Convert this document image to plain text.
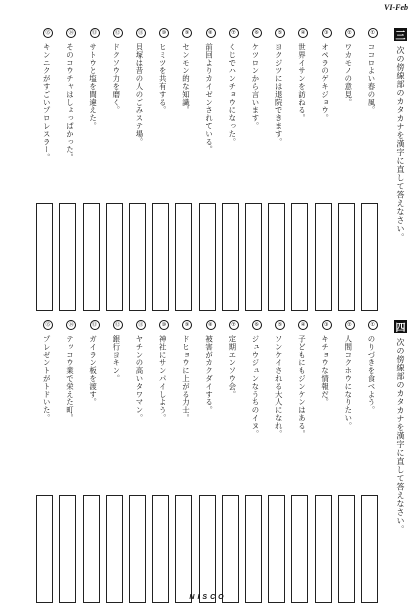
VI-Feb
三
次の傍線部のカタカナを漢字に直して答えなさい。
①ココロよい春の風。
②ワカモノの意見。
③オペラのゲキジョウ。
④世界イサンを訪ねる。
⑤ヨクジツには退院できます。
⑥ケツロンから言います。
⑦くじでハンチョウになった。
⑧前回よりカイゼンされている。
⑨センモン的な知識。
⑩ヒミツを共有する。
⑪貝塚は昔の人のごみステ場。
⑫ドクソウ力を磨く。
⑬サトウと塩を間違えた。
⑭そのコウチャはしょっぱかった。
⑮キンニクがすごいプロレスラー。
四
次の傍線部のカタカナを漢字に直して答えなさい。
①のりづきを食べよう。
②人間コクホウになりたい。
③キチョウな情報だ。
④子どもにもジンケンはある。
⑤ソンケイされる大人になれ。
⑥ジュウジュンなうちのイヌ。
⑦定期エンソウ会。
⑧被害がカクダイする。
⑨ドヒョウに上がる力士。
⑩神社にサンパイしよう。
⑪ヤチンの高いタワマン。
⑫銀行ヨキン。
⑬ガイラン板を渡す。
⑭テッコウ業で栄えた町。
⑮プレゼントがトドいた。
NISCO
